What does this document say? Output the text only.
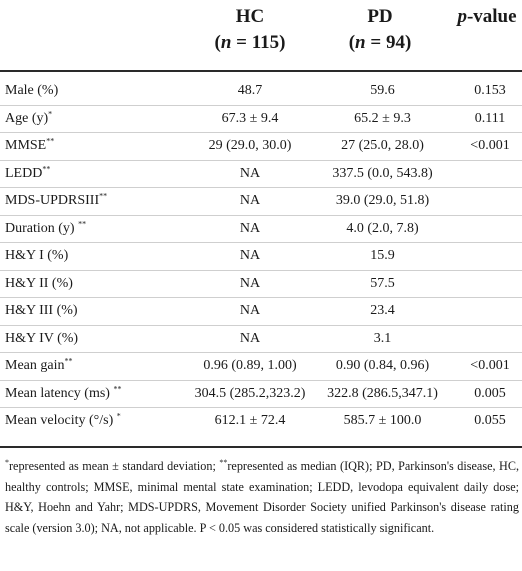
HC
(n = 115)
PD
(n = 94)
p-value
Male (%)	48.7	59.6	0.153
Age (y)*	67.3 ± 9.4	65.2 ± 9.3	0.111
MMSE**	29 (29.0, 30.0)	27 (25.0, 28.0)	<0.001
LEDD**	NA	337.5 (0.0, 543.8)
MDS-UPDRSIII**	NA	39.0 (29.0, 51.8)
Duration (y) **	NA	4.0 (2.0, 7.8)
H&Y I (%)	NA	15.9
H&Y II (%)	NA	57.5
H&Y III (%)	NA	23.4
H&Y IV (%)	NA	3.1
Mean gain**	0.96 (0.89, 1.00)	0.90 (0.84, 0.96)	<0.001
Mean latency (ms) **	304.5 (285.2,323.2)	322.8 (286.5,347.1)	0.005
Mean velocity (°/s) *	612.1 ± 72.4	585.7 ± 100.0	0.055
*represented as mean ± standard deviation; **represented as median (IQR); PD, Parkinson's disease, HC, healthy controls; MMSE, minimal mental state examination; LEDD, levodopa equivalent daily dose; H&Y, Hoehn and Yahr; MDS-UPDRS, Movement Disorder Society unified Parkinson's disease rating scale (version 3.0); NA, not applicable. P < 0.05 was considered statistically significant.
